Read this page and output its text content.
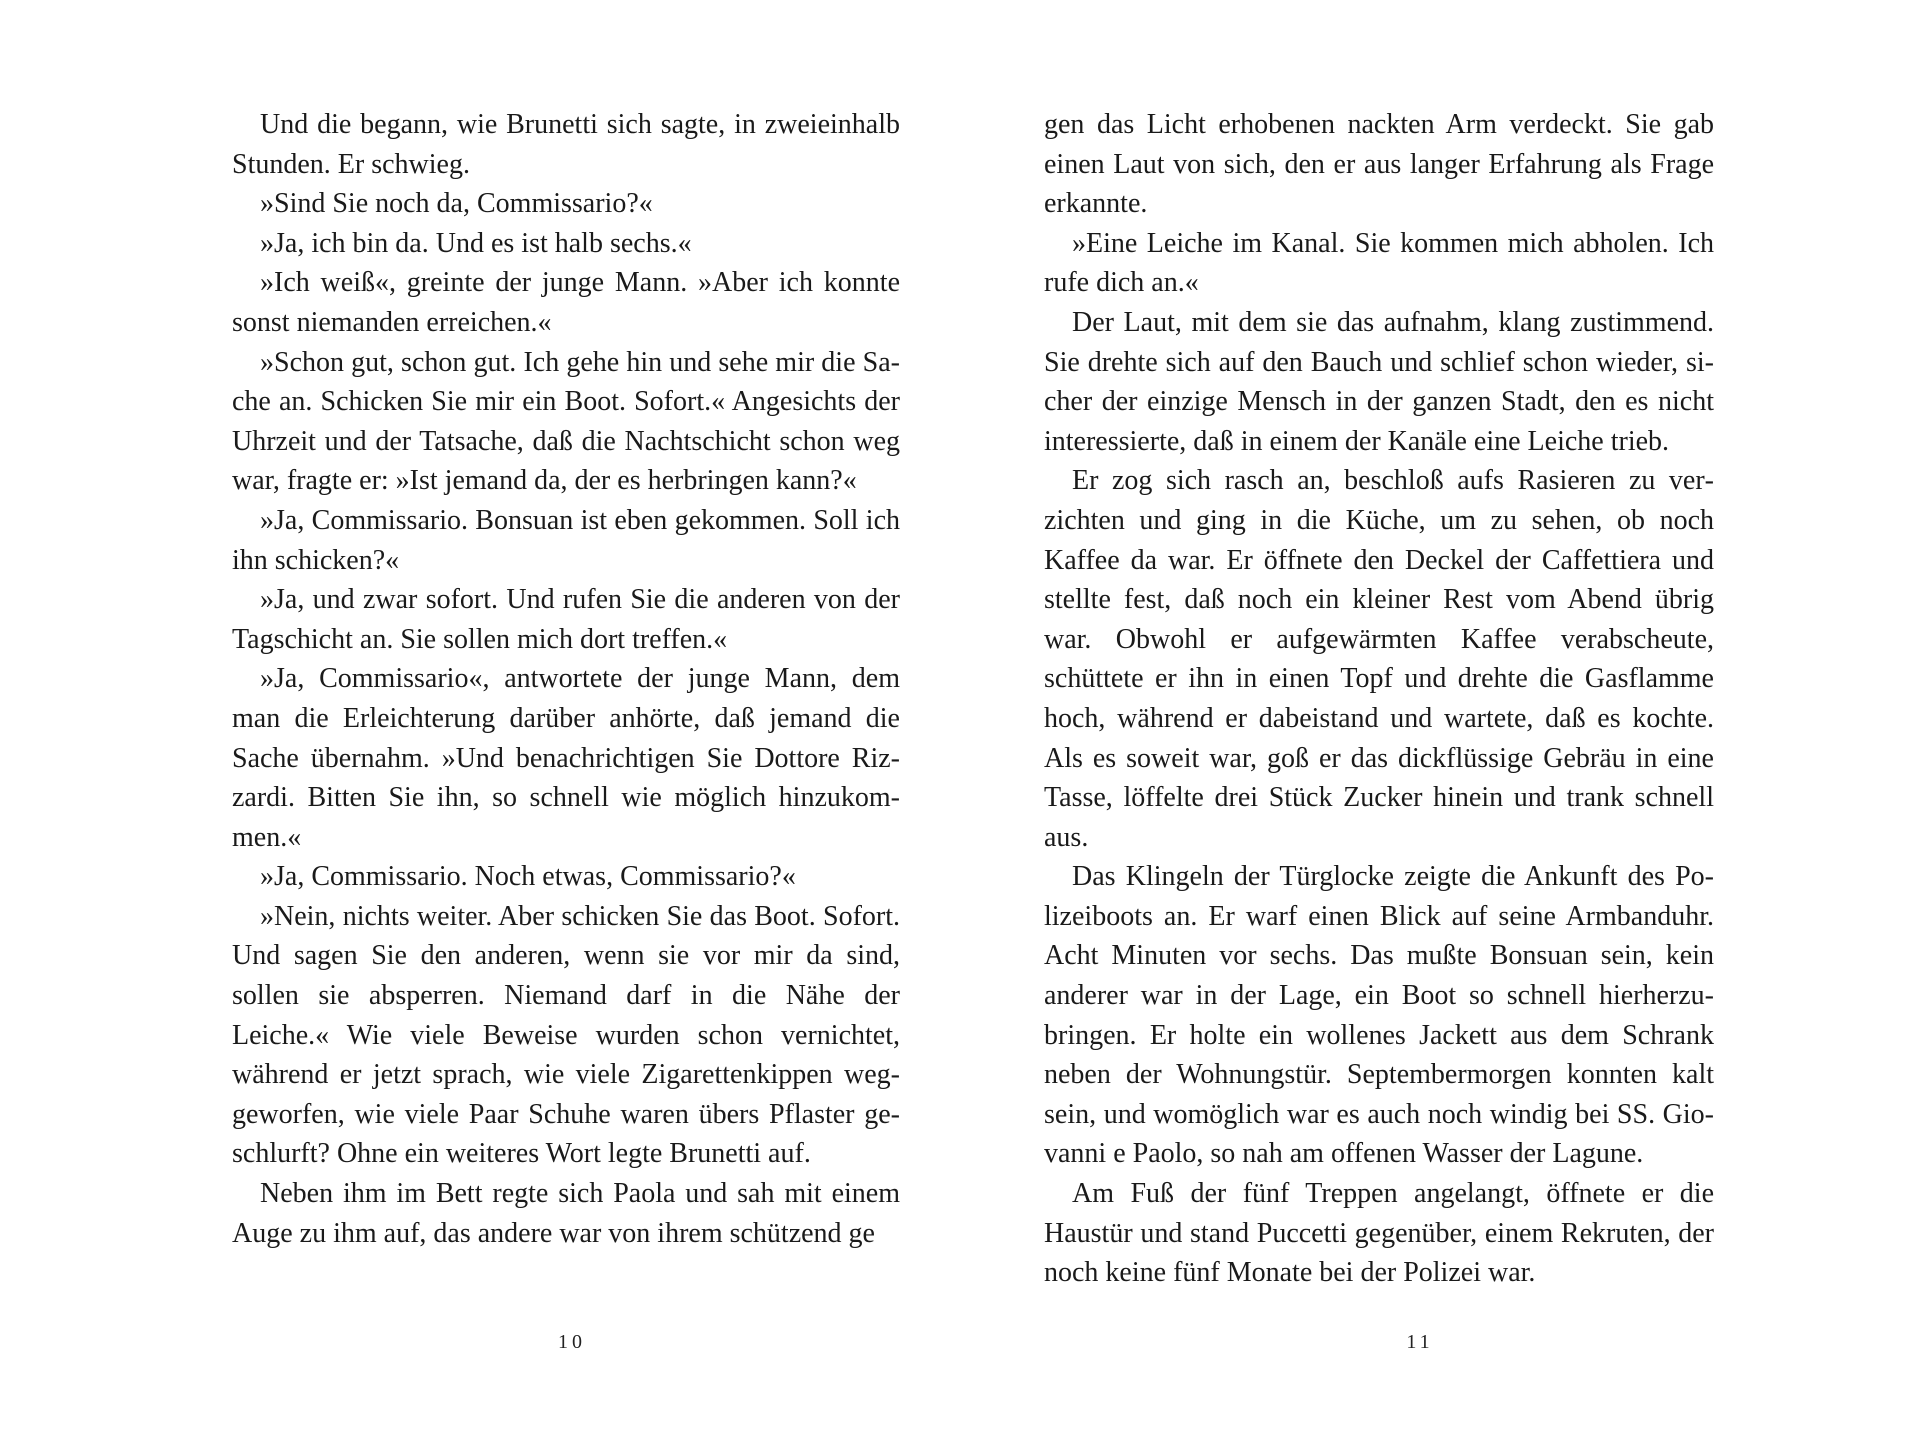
Und die begann, wie Brunetti sich sagte, in zweieinhalb Stunden. Er schwieg.

»Sind Sie noch da, Commissario?«

»Ja, ich bin da. Und es ist halb sechs.«

»Ich weiß«, greinte der junge Mann. »Aber ich konnte sonst niemanden erreichen.«

»Schon gut, schon gut. Ich gehe hin und sehe mir die Sache an. Schicken Sie mir ein Boot. Sofort.« Angesichts der Uhrzeit und der Tatsache, daß die Nachtschicht schon weg war, fragte er: »Ist jemand da, der es herbringen kann?«

»Ja, Commissario. Bonsuan ist eben gekommen. Soll ich ihn schicken?«

»Ja, und zwar sofort. Und rufen Sie die anderen von der Tagschicht an. Sie sollen mich dort treffen.«

»Ja, Commissario«, antwortete der junge Mann, dem man die Erleichterung darüber anhörte, daß jemand die Sache übernahm. »Und benachrichtigen Sie Dottore Rizzardi. Bitten Sie ihn, so schnell wie möglich hinzukommen.«

»Ja, Commissario. Noch etwas, Commissario?«

»Nein, nichts weiter. Aber schicken Sie das Boot. Sofort. Und sagen Sie den anderen, wenn sie vor mir da sind, sollen sie absperren. Niemand darf in die Nähe der Leiche.« Wie viele Beweise wurden schon vernichtet, während er jetzt sprach, wie viele Zigarettenkippen weggeworfen, wie viele Paar Schuhe waren übers Pflaster geschlurft? Ohne ein weiteres Wort legte Brunetti auf.

Neben ihm im Bett regte sich Paola und sah mit einem Auge zu ihm auf, das andere war von ihrem schützend ge

10

gen das Licht erhobenen nackten Arm verdeckt. Sie gab einen Laut von sich, den er aus langer Erfahrung als Frage erkannte.

»Eine Leiche im Kanal. Sie kommen mich abholen. Ich rufe dich an.«

Der Laut, mit dem sie das aufnahm, klang zustimmend. Sie drehte sich auf den Bauch und schlief schon wieder, sicher der einzige Mensch in der ganzen Stadt, den es nicht interessierte, daß in einem der Kanäle eine Leiche trieb.

Er zog sich rasch an, beschloß aufs Rasieren zu verzichten und ging in die Küche, um zu sehen, ob noch Kaffee da war. Er öffnete den Deckel der Caffettiera und stellte fest, daß noch ein kleiner Rest vom Abend übrig war. Obwohl er aufgewärmten Kaffee verabscheute, schüttete er ihn in einen Topf und drehte die Gasflamme hoch, während er dabeistand und wartete, daß es kochte. Als es soweit war, goß er das dickflüssige Gebräu in eine Tasse, löffelte drei Stück Zucker hinein und trank schnell aus.

Das Klingeln der Türglocke zeigte die Ankunft des Polizeiboots an. Er warf einen Blick auf seine Armbanduhr. Acht Minuten vor sechs. Das mußte Bonsuan sein, kein anderer war in der Lage, ein Boot so schnell hierherzubringen. Er holte ein wollenes Jackett aus dem Schrank neben der Wohnungstür. Septembermorgen konnten kalt sein, und womöglich war es auch noch windig bei SS. Giovanni e Paolo, so nah am offenen Wasser der Lagune.

Am Fuß der fünf Treppen angelangt, öffnete er die Haustür und stand Puccetti gegenüber, einem Rekruten, der noch keine fünf Monate bei der Polizei war.

11
